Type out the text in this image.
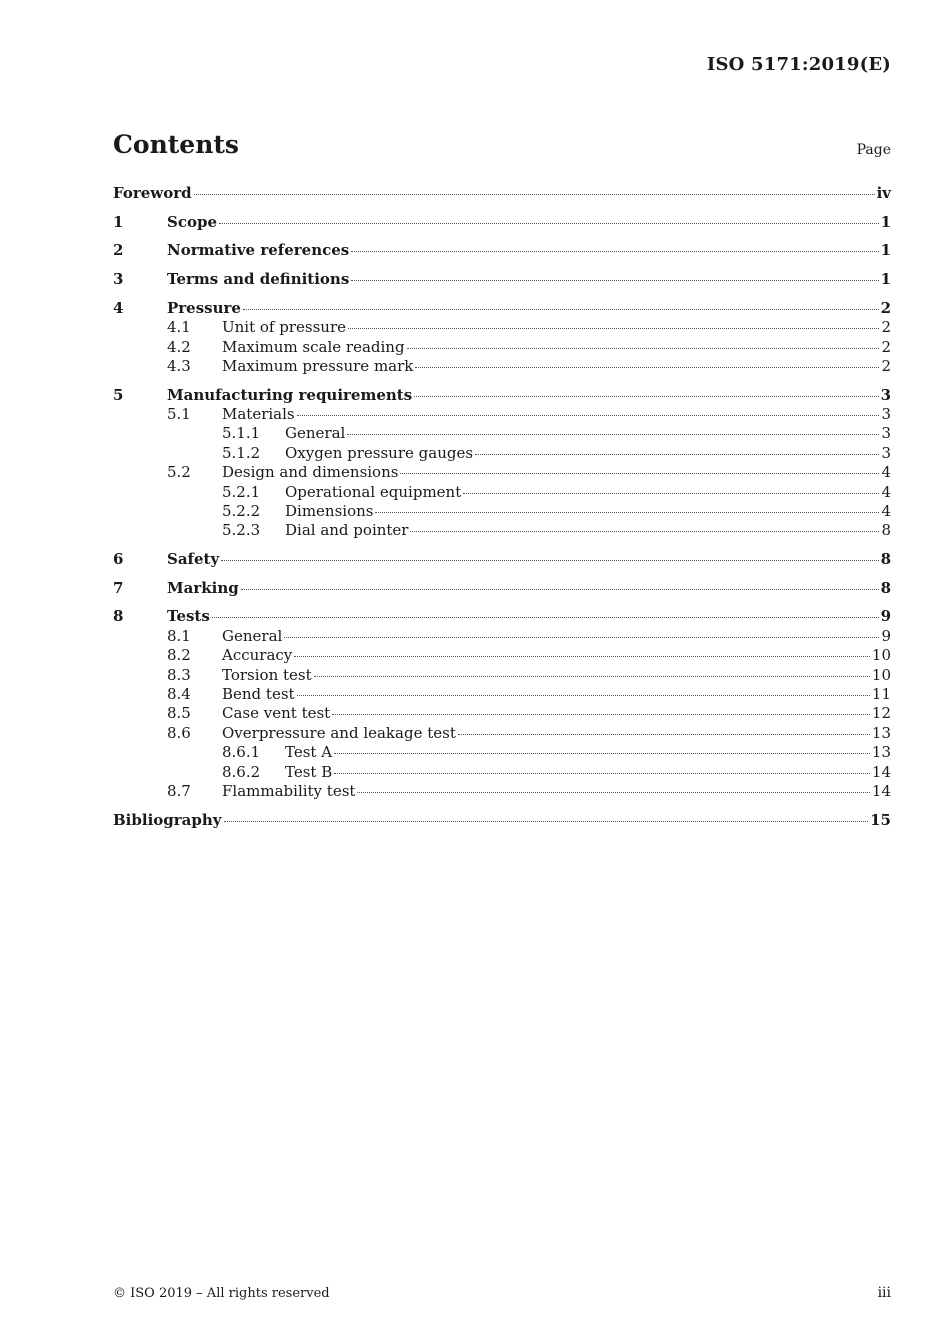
ISO 5171:2019(E)
Contents	Page
Foreword	iv
1	Scope	1
2	Normative references	1
3	Terms and definitions	1
4	Pressure	2
4.1	Unit of pressure	2
4.2	Maximum scale reading	2
4.3	Maximum pressure mark	2
5	Manufacturing requirements	3
5.1	Materials	3
5.1.1	General	3
5.1.2	Oxygen pressure gauges	3
5.2	Design and dimensions	4
5.2.1	Operational equipment	4
5.2.2	Dimensions	4
5.2.3	Dial and pointer	8
6	Safety	8
7	Marking	8
8	Tests	9
8.1	General	9
8.2	Accuracy	10
8.3	Torsion test	10
8.4	Bend test	11
8.5	Case vent test	12
8.6	Overpressure and leakage test	13
8.6.1	Test A	13
8.6.2	Test B	14
8.7	Flammability test	14
Bibliography	15
© ISO 2019 – All rights reserved	iii
